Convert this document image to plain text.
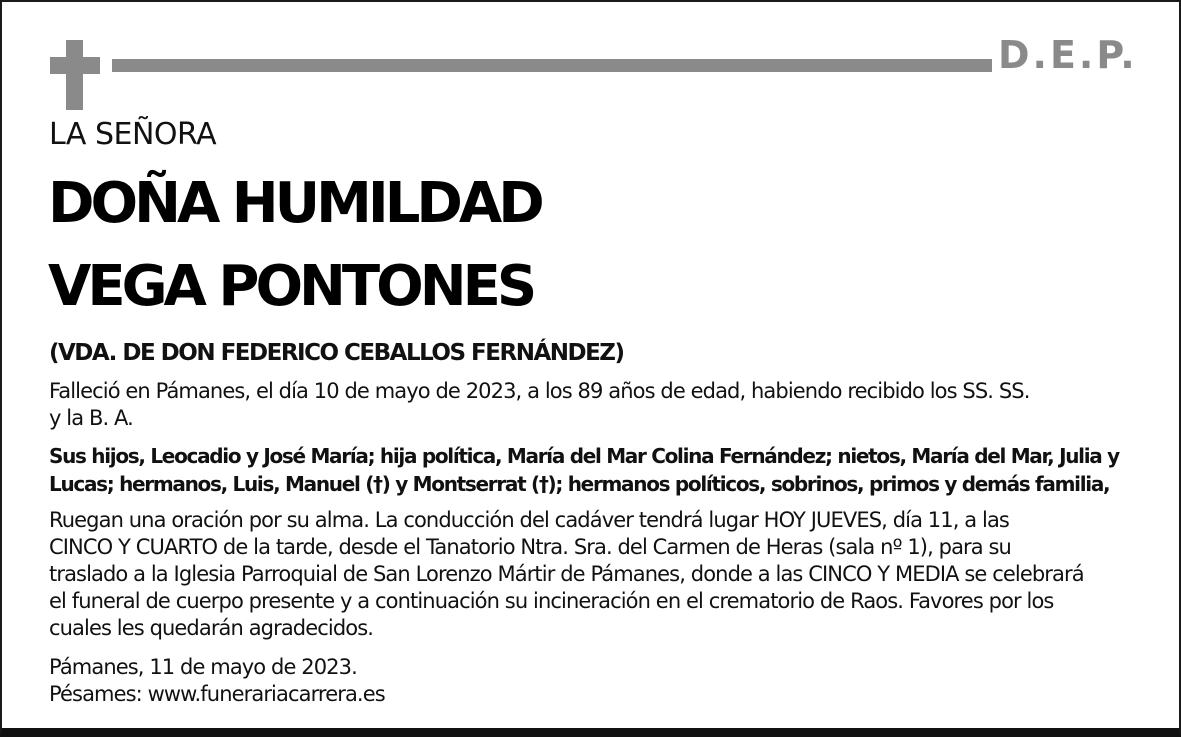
D.E.P.
LA SEÑORA
DOÑA HUMILDAD
VEGA PONTONES
(VDA. DE DON FEDERICO CEBALLOS FERNÁNDEZ)
Falleció en Pámanes, el día 10 de mayo de 2023, a los 89 años de edad, habiendo recibido los SS. SS.
y la B. A.
Sus hijos, Leocadio y José María; hija política, María del Mar Colina Fernández; nietos, María del Mar, Julia y
Lucas; hermanos, Luis, Manuel (†) y Montserrat (†); hermanos políticos, sobrinos, primos y demás familia,
Ruegan una oración por su alma. La conducción del cadáver tendrá lugar HOY JUEVES, día 11, a las
CINCO Y CUARTO de la tarde, desde el Tanatorio Ntra. Sra. del Carmen de Heras (sala nº 1), para su
traslado a la Iglesia Parroquial de San Lorenzo Mártir de Pámanes, donde a las CINCO Y MEDIA se celebrará
el funeral de cuerpo presente y a continuación su incineración en el crematorio de Raos. Favores por los
cuales les quedarán agradecidos.
Pámanes, 11 de mayo de 2023.
Pésames: www.funerariacarrera.es
